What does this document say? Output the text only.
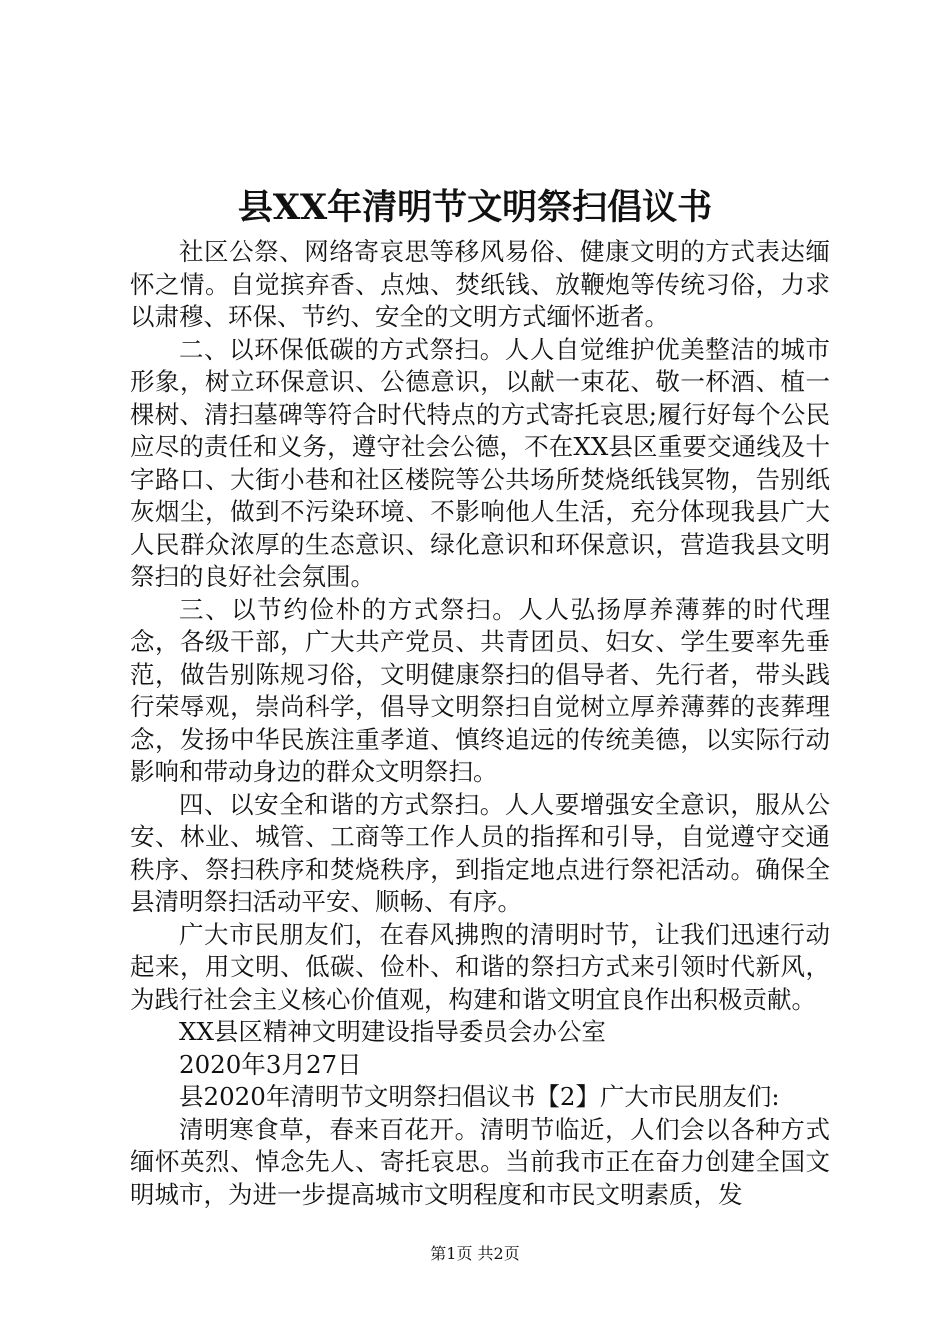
县XX年清明节文明祭扫倡议书

社区公祭、网络寄哀思等移风易俗、健康文明的方式表达缅怀之情。自觉摈弃香、点烛、焚纸钱、放鞭炮等传统习俗，力求以肃穆、环保、节约、安全的文明方式缅怀逝者。

二、以环保低碳的方式祭扫。人人自觉维护优美整洁的城市形象，树立环保意识、公德意识，以献一束花、敬一杯酒、植一棵树、清扫墓碑等符合时代特点的方式寄托哀思;履行好每个公民应尽的责任和义务，遵守社会公德，不在XX县区重要交通线及十字路口、大街小巷和社区楼院等公共场所焚烧纸钱冥物，告别纸灰烟尘，做到不污染环境、不影响他人生活，充分体现我县广大人民群众浓厚的生态意识、绿化意识和环保意识，营造我县文明祭扫的良好社会氛围。

三、以节约俭朴的方式祭扫。人人弘扬厚养薄葬的时代理念，各级干部，广大共产党员、共青团员、妇女、学生要率先垂范，做告别陈规习俗，文明健康祭扫的倡导者、先行者，带头践行荣辱观，崇尚科学，倡导文明祭扫自觉树立厚养薄葬的丧葬理念，发扬中华民族注重孝道、慎终追远的传统美德，以实际行动影响和带动身边的群众文明祭扫。

四、以安全和谐的方式祭扫。人人要增强安全意识，服从公安、林业、城管、工商等工作人员的指挥和引导，自觉遵守交通秩序、祭扫秩序和焚烧秩序，到指定地点进行祭祀活动。确保全县清明祭扫活动平安、顺畅、有序。

广大市民朋友们，在春风拂煦的清明时节，让我们迅速行动起来，用文明、低碳、俭朴、和谐的祭扫方式来引领时代新风，为践行社会主义核心价值观，构建和谐文明宜良作出积极贡献。

XX县区精神文明建设指导委员会办公室

2020年3月27日

县2020年清明节文明祭扫倡议书【2】广大市民朋友们:

清明寒食草，春来百花开。清明节临近，人们会以各种方式缅怀英烈、悼念先人、寄托哀思。当前我市正在奋力创建全国文明城市，为进一步提高城市文明程度和市民文明素质，发

第1页 共2页
